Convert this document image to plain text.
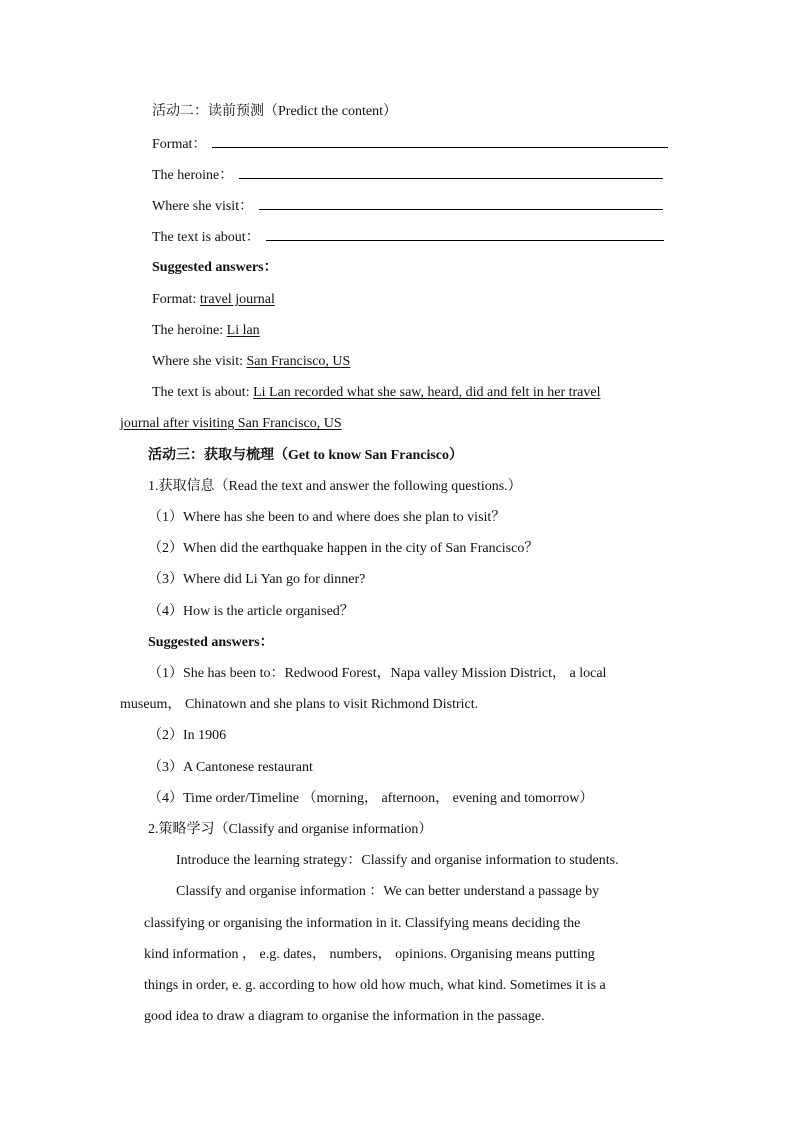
活动二：读前预测（Predict the content）
Format：
The heroine：
Where she visit：
The text is about：
Suggested answers：
Format: travel journal
The heroine: Li lan
Where she visit: San Francisco, US
The text is about: Li Lan recorded what she saw, heard, did and felt in her travel
journal after visiting San Francisco, US
活动三：获取与梳理（Get to know San Francisco）
1.获取信息（Read the text and answer the following questions.）
（1）Where has she been to and where does she plan to visit？
（2）When did the earthquake happen in the city of San Francisco？
（3）Where did Li Yan go for dinner?
（4）How is the article organised？
Suggested answers：
（1）She has been to：Redwood Forest，Napa valley Mission District， a local
museum， Chinatown and she plans to visit Richmond District.
（2）In 1906
（3）A Cantonese restaurant
（4）Time order/Timeline （morning， afternoon， evening and tomorrow）
2.策略学习（Classify and organise information）
Introduce the learning strategy：Classify and organise information to students.
Classify and organise information ：We can better understand a passage by
classifying or organising the information in it. Classifying means deciding the
kind information ， e.g. dates， numbers， opinions. Organising means putting
things in order, e. g. according to how old how much, what kind. Sometimes it is a
good idea to draw a diagram to organise the information in the passage.
